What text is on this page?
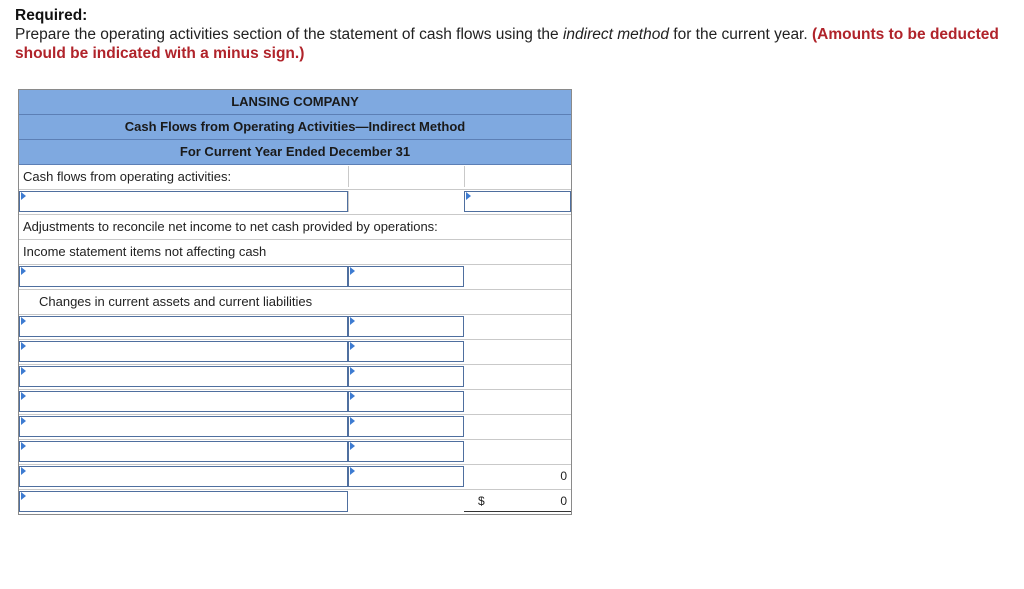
Required:
Prepare the operating activities section of the statement of cash flows using the indirect method for the current year. (Amounts to be deducted should be indicated with a minus sign.)
LANSING COMPANY
Cash Flows from Operating Activities—Indirect Method
For Current Year Ended December 31
Cash flows from operating activities:
Adjustments to reconcile net income to net cash provided by operations:
Income statement items not affecting cash
Changes in current assets and current liabilities
0
$	0
